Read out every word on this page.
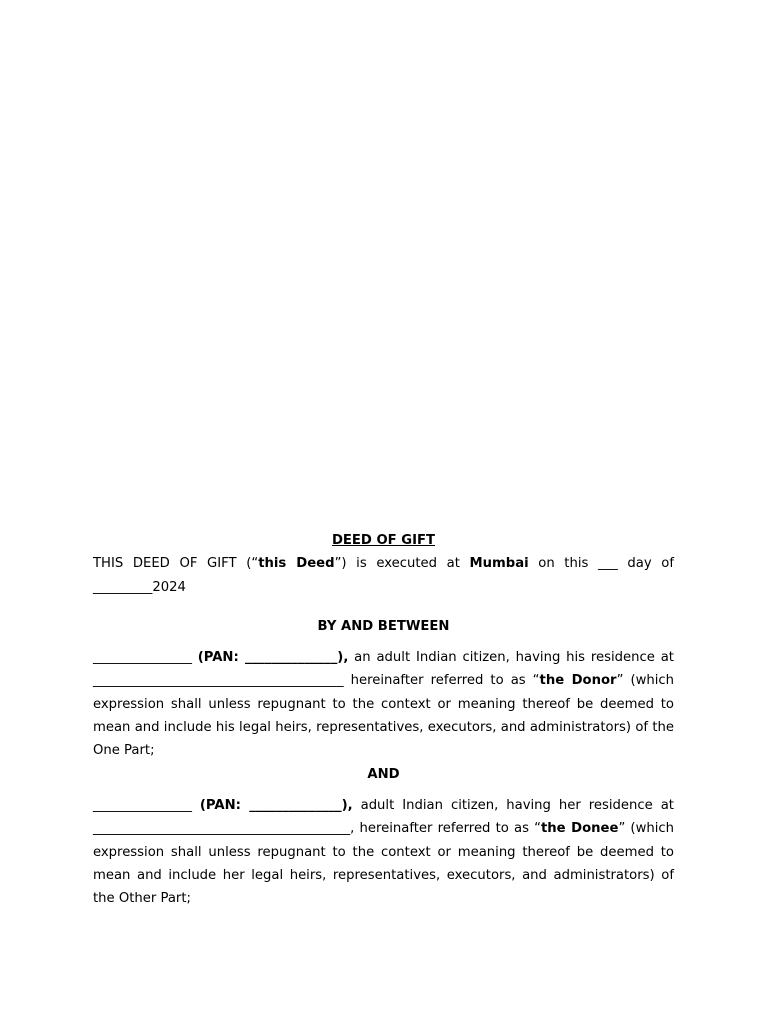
DEED OF GIFT

THIS DEED OF GIFT (“this Deed”) is executed at Mumbai on this ___ day of _________2024

BY AND BETWEEN

_______________ (PAN: ______________), an adult Indian citizen, having his residence at ______________________________________ hereinafter referred to as “the Donor” (which expression shall unless repugnant to the context or meaning thereof be deemed to mean and include his legal heirs, representatives, executors, and administrators) of the One Part;

AND

_______________ (PAN: ______________), adult Indian citizen, having her residence at _______________________________________, hereinafter referred to as “the Donee” (which expression shall unless repugnant to the context or meaning thereof be deemed to mean and include her legal heirs, representatives, executors, and administrators) of the Other Part;
